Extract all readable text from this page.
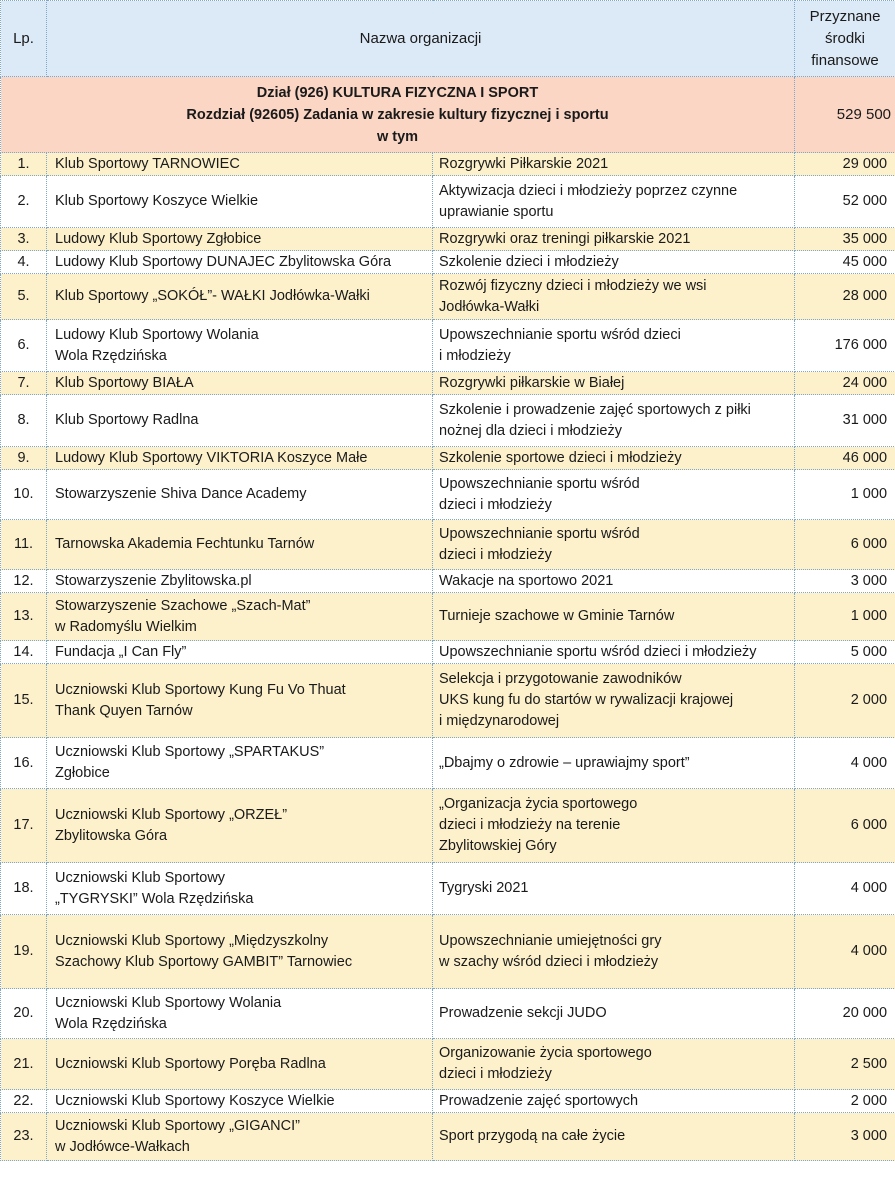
Lp.	Nazwa organizacji		Przyznane
środki
finansowe

Dział (926) KULTURA FIZYCZNA I SPORT
Rozdział (92605) Zadania w zakresie kultury fizycznej i sportu
w tym			529 500
1.	Klub Sportowy TARNOWIEC	Rozgrywki Piłkarskie 2021	29 000
2.	Klub Sportowy Koszyce Wielkie	Aktywizacja dzieci i młodzieży poprzez czynne
uprawianie sportu	52 000
3.	Ludowy Klub Sportowy Zgłobice	Rozgrywki oraz treningi piłkarskie 2021	35 000
4.	Ludowy Klub Sportowy DUNAJEC Zbylitowska Góra	Szkolenie dzieci i młodzieży	45 000
5.	Klub Sportowy „SOKÓŁ”- WAŁKI Jodłówka-Wałki	Rozwój fizyczny dzieci i młodzieży we wsi
Jodłówka-Wałki	28 000
6.	Ludowy Klub Sportowy Wolania
Wola Rzędzińska	Upowszechnianie sportu wśród dzieci
i młodzieży	176 000
7.	Klub Sportowy BIAŁA	Rozgrywki piłkarskie w Białej	24 000
8.	Klub Sportowy Radlna	Szkolenie i prowadzenie zajęć sportowych z piłki
nożnej dla dzieci i młodzieży	31 000
9.	Ludowy Klub Sportowy VIKTORIA Koszyce Małe	Szkolenie sportowe dzieci i młodzieży	46 000
10.	Stowarzyszenie Shiva Dance Academy	Upowszechnianie sportu wśród
dzieci i młodzieży	1 000
11.	Tarnowska Akademia Fechtunku Tarnów	Upowszechnianie sportu wśród
dzieci i młodzieży	6 000
12.	Stowarzyszenie Zbylitowska.pl	Wakacje na sportowo 2021	3 000
13.	Stowarzyszenie Szachowe „Szach-Mat”
w Radomyślu Wielkim	Turnieje szachowe w Gminie Tarnów	1 000
14.	Fundacja „I Can Fly”	Upowszechnianie sportu wśród dzieci i młodzieży	5 000
15.	Uczniowski Klub Sportowy Kung Fu Vo Thuat
Thank Quyen Tarnów	Selekcja i przygotowanie zawodników
UKS kung fu do startów w rywalizacji krajowej
i międzynarodowej	2 000
16.	Uczniowski Klub Sportowy „SPARTAKUS”
Zgłobice	„Dbajmy o zdrowie – uprawiajmy sport”	4 000
17.	Uczniowski Klub Sportowy „ORZEŁ”
Zbylitowska Góra	„Organizacja życia sportowego
dzieci i młodzieży na terenie
Zbylitowskiej Góry	6 000
18.	Uczniowski Klub Sportowy
„TYGRYSKI” Wola Rzędzińska	Tygryski 2021	4 000
19.	Uczniowski Klub Sportowy „Międzyszkolny
Szachowy Klub Sportowy GAMBIT” Tarnowiec	Upowszechnianie umiejętności gry
w szachy wśród dzieci i młodzieży	4 000
20.	Uczniowski Klub Sportowy Wolania
Wola Rzędzińska	Prowadzenie sekcji JUDO	20 000
21.	Uczniowski Klub Sportowy Poręba Radlna	Organizowanie życia sportowego
dzieci i młodzieży	2 500
22.	Uczniowski Klub Sportowy Koszyce Wielkie	Prowadzenie zajęć sportowych	2 000
23.	Uczniowski Klub Sportowy „GIGANCI”
w Jodłówce-Wałkach	Sport przygodą na całe życie	3 000
